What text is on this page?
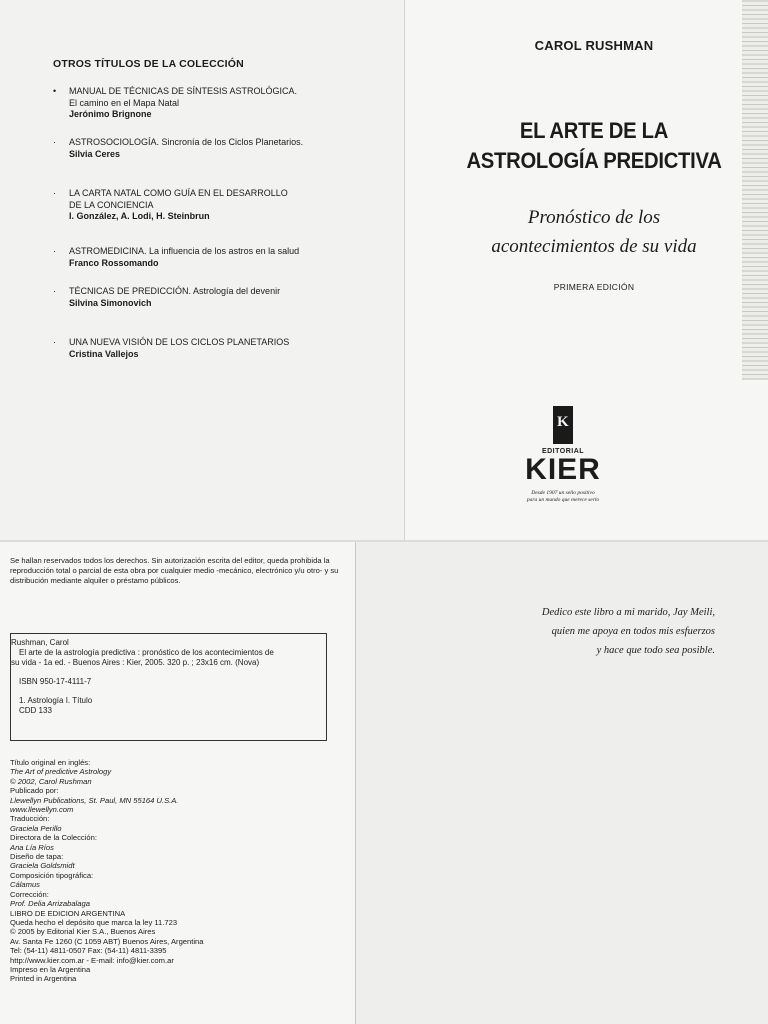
OTROS TÍTULOS DE LA COLECCIÓN
• MANUAL DE TÉCNICAS DE SÍNTESIS ASTROLÓGICA.
El camino en el Mapa Natal
Jerónimo Brignone
· ASTROSOCIOLOGÍA. Sincronía de los Ciclos Planetarios.
Silvia Ceres
· LA CARTA NATAL COMO GUÍA EN EL DESARROLLO
DE LA CONCIENCIA
I. González, A. Lodi, H. Steinbrun
· ASTROMEDICINA. La influencia de los astros en la salud
Franco Rossomando
· TÉCNICAS DE PREDICCIÓN. Astrología del devenir
Silvina Simonovich
· UNA NUEVA VISIÓN DE LOS CICLOS PLANETARIOS
Cristina Vallejos
CAROL RUSHMAN
EL ARTE DE LA
ASTROLOGÍA PREDICTIVA
Pronóstico de los
acontecimientos de su vida
PRIMERA EDICIÓN
K
EDITORIAL
KIER
Desde 1907 un sello positivo
para un mundo que merece serlo
Se hallan reservados todos los derechos. Sin autorización escrita del editor, queda prohibida la reproducción total o parcial de esta obra por cualquier medio -mecánico, electrónico y/u otro- y su distribución mediante alquiler o préstamo públicos.
Rushman, Carol
El arte de la astrología predictiva : pronóstico de los acontecimientos de
su vida - 1a ed. - Buenos Aires : Kier, 2005. 320 p. ; 23x16 cm. (Nova)
ISBN 950-17-4111-7
1. Astrología I. Título
CDD 133
Título original en inglés:
The Art of predictive Astrology
© 2002, Carol Rushman
Publicado por:
Llewellyn Publications, St. Paul, MN 55164 U.S.A.
www.llewellyn.com
Traducción:
Graciela Perillo
Directora de la Colección:
Ana Lía Ríos
Diseño de tapa:
Graciela Goldsmidt
Composición tipográfica:
Cálamus
Corrección:
Prof. Delia Arrizabalaga
LIBRO DE EDICION ARGENTINA
Queda hecho el depósito que marca la ley 11.723
© 2005 by Editorial Kier S.A., Buenos Aires
Av. Santa Fe 1260 (C 1059 ABT) Buenos Aires, Argentina
Tel: (54-11) 4811-0507 Fax: (54-11) 4811-3395
http://www.kier.com.ar - E-mail: info@kier.com.ar
Impreso en la Argentina
Printed in Argentina
Dedico este libro a mi marido, Jay Meili,
quien me apoya en todos mis esfuerzos
y hace que todo sea posible.
